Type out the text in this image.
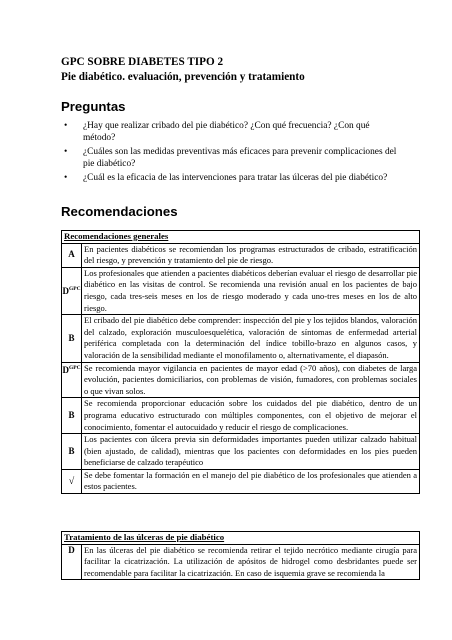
GPC SOBRE DIABETES TIPO 2
Pie diabético. evaluación, prevención y tratamiento
Preguntas
• ¿Hay que realizar cribado del pie diabético? ¿Con qué frecuencia? ¿Con qué método?
• ¿Cuáles son las medidas preventivas más eficaces para prevenir complicaciones del pie diabético?
• ¿Cuál es la eficacia de las intervenciones para tratar las úlceras del pie diabético?
Recomendaciones
Recomendaciones generales	
A	En pacientes diabéticos se recomiendan los programas estructurados de cribado, estratificación del riesgo, y prevención y tratamiento del pie de riesgo.
$D^{GPC}$	Los profesionales que atienden a pacientes diabéticos deberían evaluar el riesgo de desarrollar pie diabético en las visitas de control. Se recomienda una revisión anual en los pacientes de bajo riesgo, cada tres-seis meses en los de riesgo moderado y cada uno-tres meses en los de alto riesgo.
B	El cribado del pie diabético debe comprender: inspección del pie y los tejidos blandos, valoración del calzado, exploración musculoesquelética, valoración de síntomas de enfermedad arterial periférica completada con la determinación del índice tobillo-brazo en algunos casos, y valoración de la sensibilidad mediante el monofilamento o, alternativamente, el diapasón.
$D^{GPC}$	Se recomienda mayor vigilancia en pacientes de mayor edad (>70 años), con diabetes de larga evolución, pacientes domiciliarios, con problemas de visión, fumadores, con problemas sociales o que vivan solos.
B	Se recomienda proporcionar educación sobre los cuidados del pie diabético, dentro de un programa educativo estructurado con múltiples componentes, con el objetivo de mejorar el conocimiento, fomentar el autocuidado y reducir el riesgo de complicaciones.
B	Los pacientes con úlcera previa sin deformidades importantes pueden utilizar calzado habitual (bien ajustado, de calidad), mientras que los pacientes con deformidades en los pies pueden beneficiarse de calzado terapéutico
√	Se debe fomentar la formación en el manejo del pie diabético de los profesionales que atienden a estos pacientes.
Tratamiento de las úlceras de pie diabético
D	En las úlceras del pie diabético se recomienda retirar el tejido necrótico mediante cirugía para facilitar la cicatrización. La utilización de apósitos de hidrogel como desbridantes puede ser recomendable para facilitar la cicatrización. En caso de isquemia grave se recomienda la
